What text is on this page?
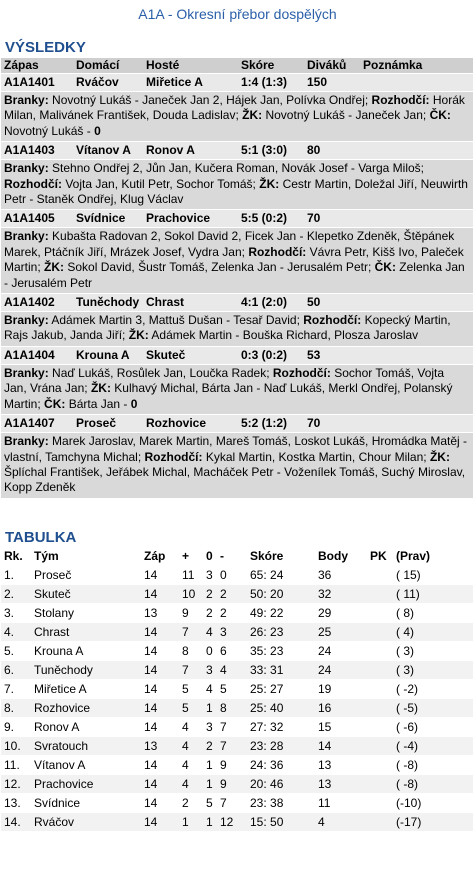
A1A - Okresní přebor dospělých
VÝSLEDKY
Zápas	Domácí	Hosté	Skóre	Diváků	Poznámka
A1A1401	Rváčov	Miřetice A	1:4 (1:3)	150	
Branky: Novotný Lukáš - Janeček Jan 2, Hájek Jan, Polívka Ondřej; Rozhodčí: Horák Milan, Malivánek František, Douda Ladislav; ŽK: Novotný Lukáš - Janeček Jan; ČK: Novotný Lukáš - 0					
A1A1403	Vítanov A	Ronov A	5:1 (3:0)	80	
Branky: Stehno Ondřej 2, Jůn Jan, Kučera Roman, Novák Josef - Varga Miloš; Rozhodčí: Vojta Jan, Kutil Petr, Sochor Tomáš; ŽK: Cestr Martin, Doležal Jiří, Neuwirth Petr - Staněk Ondřej, Klug Václav					
A1A1405	Svídnice	Prachovice	5:5 (0:2)	70	
Branky: Kubašta Radovan 2, Sokol David 2, Ficek Jan - Klepetko Zdeněk, Štěpánek Marek, Ptáčník Jiří, Mrázek Josef, Vydra Jan; Rozhodčí: Vávra Petr, Kišš Ivo, Paleček Martin; ŽK: Sokol David, Šustr Tomáš, Zelenka Jan - Jerusalém Petr; ČK: Zelenka Jan - Jerusalém Petr					
A1A1402	Tuněchody	Chrast	4:1 (2:0)	50	
Branky: Adámek Martin 3, Mattuš Dušan - Tesař David; Rozhodčí: Kopecký Martin, Rajs Jakub, Janda Jiří; ŽK: Adámek Martin - Bouška Richard, Plosza Jaroslav					
A1A1404	Krouna A	Skuteč	0:3 (0:2)	53	
Branky: Naď Lukáš, Rosůlek Jan, Loučka Radek; Rozhodčí: Sochor Tomáš, Vojta Jan, Vrána Jan; ŽK: Kulhavý Michal, Bárta Jan - Naď Lukáš, Merkl Ondřej, Polanský Martin; ČK: Bárta Jan - 0					
A1A1407	Proseč	Rozhovice	5:2 (1:2)	70	
Branky: Marek Jaroslav, Marek Martin, Mareš Tomáš, Loskot Lukáš, Hromádka Matěj - vlastní, Tamchyna Michal; Rozhodčí: Kykal Martin, Kostka Martin, Chour Milan; ŽK: Šplíchal František, Jeřábek Michal, Macháček Petr - Voženílek Tomáš, Suchý Miroslav, Kopp Zdeněk					
TABULKA
Rk.	Tým	Záp	+	0	-	Skóre	Body	PK	(Prav)
1.	Proseč	14	11	3	0	65: 24	36		( 15)
2.	Skuteč	14	10	2	2	50: 20	32		( 11)
3.	Stolany	13	9	2	2	49: 22	29		( 8)
4.	Chrast	14	7	4	3	26: 23	25		( 4)
5.	Krouna A	14	8	0	6	35: 23	24		( 3)
6.	Tuněchody	14	7	3	4	33: 31	24		( 3)
7.	Miřetice A	14	5	4	5	25: 27	19		( -2)
8.	Rozhovice	14	5	1	8	25: 40	16		( -5)
9.	Ronov A	14	4	3	7	27: 32	15		( -6)
10.	Svratouch	13	4	2	7	23: 28	14		( -4)
11.	Vítanov A	14	4	1	9	24: 36	13		( -8)
12.	Prachovice	14	4	1	9	20: 46	13		( -8)
13.	Svídnice	14	2	5	7	23: 38	11		(-10)
14.	Rváčov	14	1	1	12	15: 50	4		(-17)
